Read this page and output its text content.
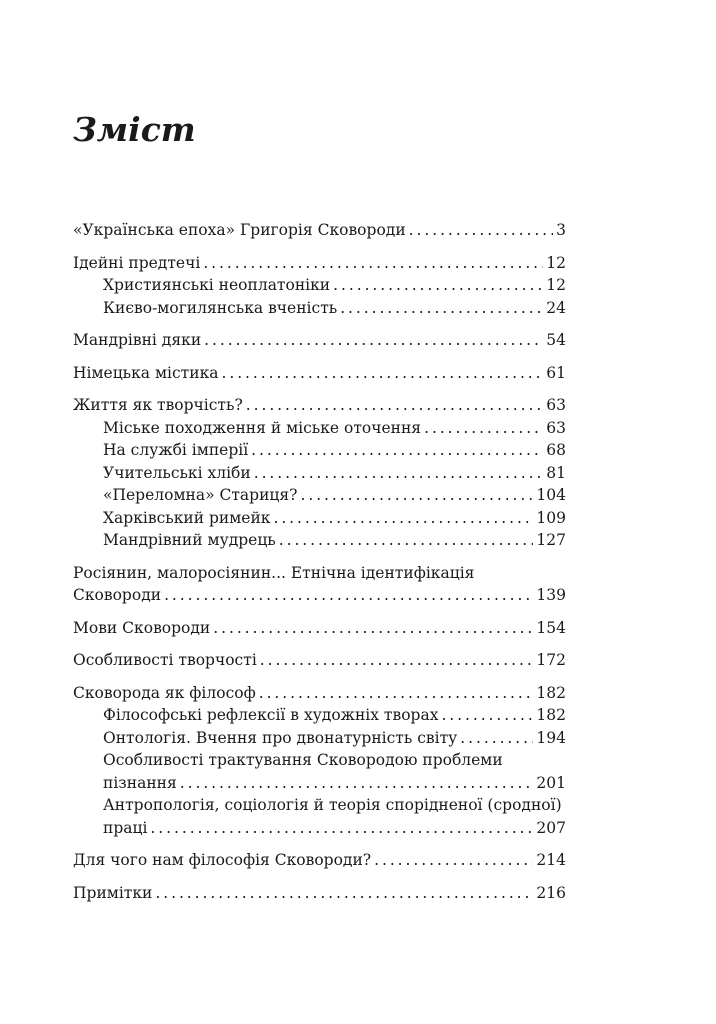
Зміст
«Українська епоха» Григорія Сковороди . . .	3
Ідейні предтечі . . .	12
Християнські неоплатоніки . . .	12
Києво-могилянська вченість . . .	24
Мандрівні дяки . . .	54
Німецька містика . . .	61
Життя як творчість? . . .	63
Міське походження й міське оточення . . .	63
На службі імперії . . .	68
Учительські хліби . . .	81
«Переломна» Стариця? . . .	104
Харківський римейк . . .	109
Мандрівний мудрець . . .	127
Росіянин, малоросіянин... Етнічна ідентифікація
Сковороди . . .	139
Мови Сковороди . . .	154
Особливості творчості . . .	172
Сковорода як філософ . . .	182
Філософські рефлексії в художніх творах . . .	182
Онтологія. Вчення про двонатурність світу . . .	194
Особливості трактування Сковородою проблеми
пізнання . . .	201
Антропологія, соціологія й теорія спорідненої (сродної)
праці . . .	207
Для чого нам філософія Сковороди? . . .	214
Примітки . . .	216
